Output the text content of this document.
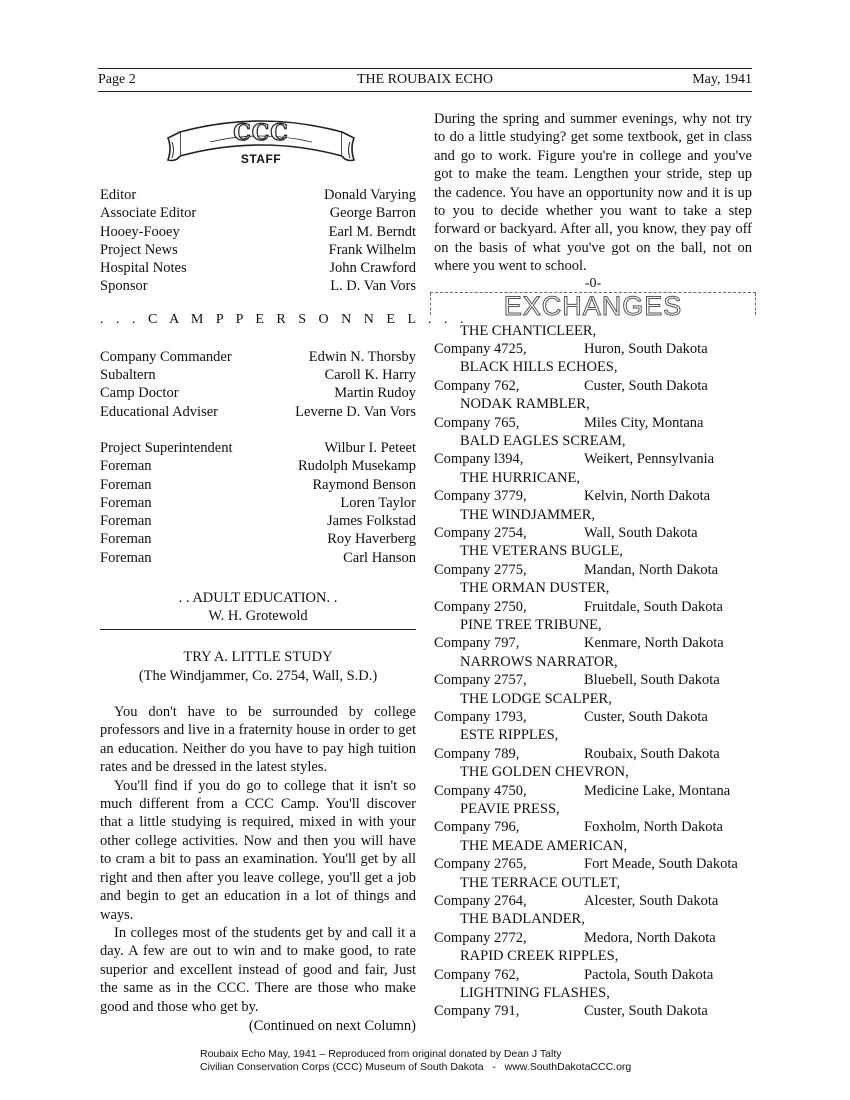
Page 2	THE ROUBAIX ECHO	May, 1941
CCC
STAFF
Editor	Donald Varying
Associate Editor	George Barron
Hooey-Fooey	Earl M. Berndt
Project News	Frank Wilhelm
Hospital Notes	John Crawford
Sponsor	L. D. Van Vors
. . . C A M P P E R S O N N E L . . .
Company Commander	Edwin N. Thorsby
Subaltern	Caroll K. Harry
Camp Doctor	Martin Rudoy
Educational Adviser	Leverne D. Van Vors
Project Superintendent	Wilbur I. Peteet
Foreman	Rudolph Musekamp
Foreman	Raymond Benson
Foreman	Loren Taylor
Foreman	James Folkstad
Foreman	Roy Haverberg
Foreman	Carl Hanson
. . ADULT EDUCATION. .
W. H. Grotewold
TRY A. LITTLE STUDY
(The Windjammer, Co. 2754, Wall, S.D.)

You don't have to be surrounded by college professors and live in a fraternity house in order to get an education. Neither do you have to pay high tuition rates and be dressed in the latest styles.

You'll find if you do go to college that it isn't so much different from a CCC Camp. You'll discover that a little studying is required, mixed in with your other college activities. Now and then you will have to cram a bit to pass an examination. You'll get by all right and then after you leave college, you'll get a job and begin to get an education in a lot of things and ways.

In colleges most of the students get by and call it a day. A few are out to win and to make good, to rate superior and excellent instead of good and fair, Just the same as in the CCC. There are those who make good and those who get by.

(Continued on next Column)

During the spring and summer evenings, why not try to do a little studying? get some textbook, get in class and go to work. Figure you're in college and you've got to make the team. Lengthen your stride, step up the cadence. You have an opportunity now and it is up to you to decide whether you want to take a step forward or backyard. After all, you know, they pay off on the basis of what you've got on the ball, not on where you went to school.

-0-
EXCHANGES
THE CHANTICLEER,
Company 4725,	Huron, South Dakota
BLACK HILLS ECHOES,
Company 762,	Custer, South Dakota
NODAK RAMBLER,
Company 765,	Miles City, Montana
BALD EAGLES SCREAM,
Company l394,	Weikert, Pennsylvania
THE HURRICANE,
Company 3779,	Kelvin, North Dakota
THE WINDJAMMER,
Company 2754,	Wall, South Dakota
THE VETERANS BUGLE,
Company 2775,	Mandan, North Dakota
THE ORMAN DUSTER,
Company 2750,	Fruitdale, South Dakota
PINE TREE TRIBUNE,
Company 797,	Kenmare, North Dakota
NARROWS NARRATOR,
Company 2757,	Bluebell, South Dakota
THE LODGE SCALPER,
Company 1793,	Custer, South Dakota
ESTE RIPPLES,
Company 789,	Roubaix, South Dakota
THE GOLDEN CHEVRON,
Company 4750,	Medicine Lake, Montana
PEAVIE PRESS,
Company 796,	Foxholm, North Dakota
THE MEADE AMERICAN,
Company 2765,	Fort Meade, South Dakota
THE TERRACE OUTLET,
Company 2764,	Alcester, South Dakota
THE BADLANDER,
Company 2772,	Medora, North Dakota
RAPID CREEK RIPPLES,
Company 762,	Pactola, South Dakota
LIGHTNING FLASHES,
Company 791,	Custer, South Dakota
Roubaix Echo May, 1941 – Reproduced from original donated by Dean J Talty
Civilian Conservation Corps (CCC) Museum of South Dakota   -   www.SouthDakotaCCC.org
